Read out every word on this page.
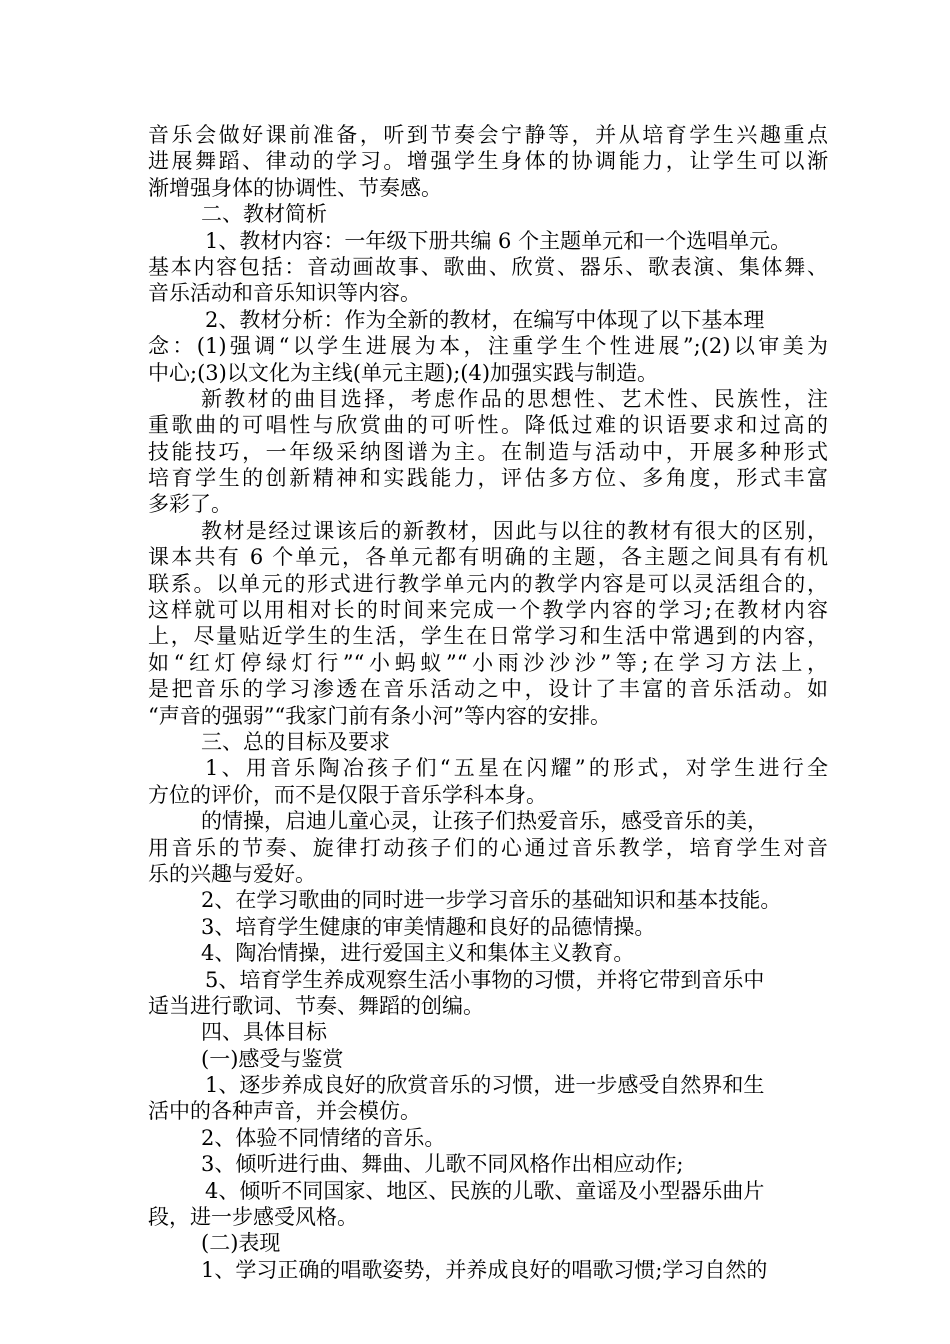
音乐会做好课前准备，听到节奏会宁静等，并从培育学生兴趣重点
进展舞蹈、律动的学习。增强学生身体的协调能力，让学生可以渐
渐增强身体的协调性、节奏感。
二、教材简析
1、教材内容：一年级下册共编 6 个主题单元和一个选唱单元。
基本内容包括：音动画故事、歌曲、欣赏、器乐、歌表演、集体舞、
音乐活动和音乐知识等内容。
2、教材分析：作为全新的教材，在编写中体现了以下基本理
念：(1)强调“以学生进展为本，注重学生个性进展”;(2)以审美为
中心;(3)以文化为主线(单元主题);(4)加强实践与制造。
新教材的曲目选择，考虑作品的思想性、艺术性、民族性，注
重歌曲的可唱性与欣赏曲的可听性。降低过难的识语要求和过高的
技能技巧，一年级采纳图谱为主。在制造与活动中，开展多种形式
培育学生的创新精神和实践能力，评估多方位、多角度，形式丰富
多彩了。
教材是经过课该后的新教材，因此与以往的教材有很大的区别，
课本共有 6 个单元，各单元都有明确的主题，各主题之间具有有机
联系。以单元的形式进行教学单元内的教学内容是可以灵活组合的，
这样就可以用相对长的时间来完成一个教学内容的学习;在教材内容
上，尽量贴近学生的生活，学生在日常学习和生活中常遇到的内容，
如“红灯停绿灯行”“小蚂蚁”“小雨沙沙沙”等;在学习方法上，
是把音乐的学习渗透在音乐活动之中，设计了丰富的音乐活动。如
“声音的强弱”“我家门前有条小河”等内容的安排。
三、总的目标及要求
1、用音乐陶冶孩子们“五星在闪耀”的形式，对学生进行全
方位的评价，而不是仅限于音乐学科本身。
的情操，启迪儿童心灵，让孩子们热爱音乐，感受音乐的美，
用音乐的节奏、旋律打动孩子们的心通过音乐教学，培育学生对音
乐的兴趣与爱好。
2、在学习歌曲的同时进一步学习音乐的基础知识和基本技能。
3、培育学生健康的审美情趣和良好的品德情操。
4、陶冶情操，进行爱国主义和集体主义教育。
5、培育学生养成观察生活小事物的习惯，并将它带到音乐中
适当进行歌词、节奏、舞蹈的创编。
四、具体目标
(一)感受与鉴赏
1、逐步养成良好的欣赏音乐的习惯，进一步感受自然界和生
活中的各种声音，并会模仿。
2、体验不同情绪的音乐。
3、倾听进行曲、舞曲、儿歌不同风格作出相应动作;
4、倾听不同国家、地区、民族的儿歌、童谣及小型器乐曲片
段，进一步感受风格。
(二)表现
1、学习正确的唱歌姿势，并养成良好的唱歌习惯;学习自然的
